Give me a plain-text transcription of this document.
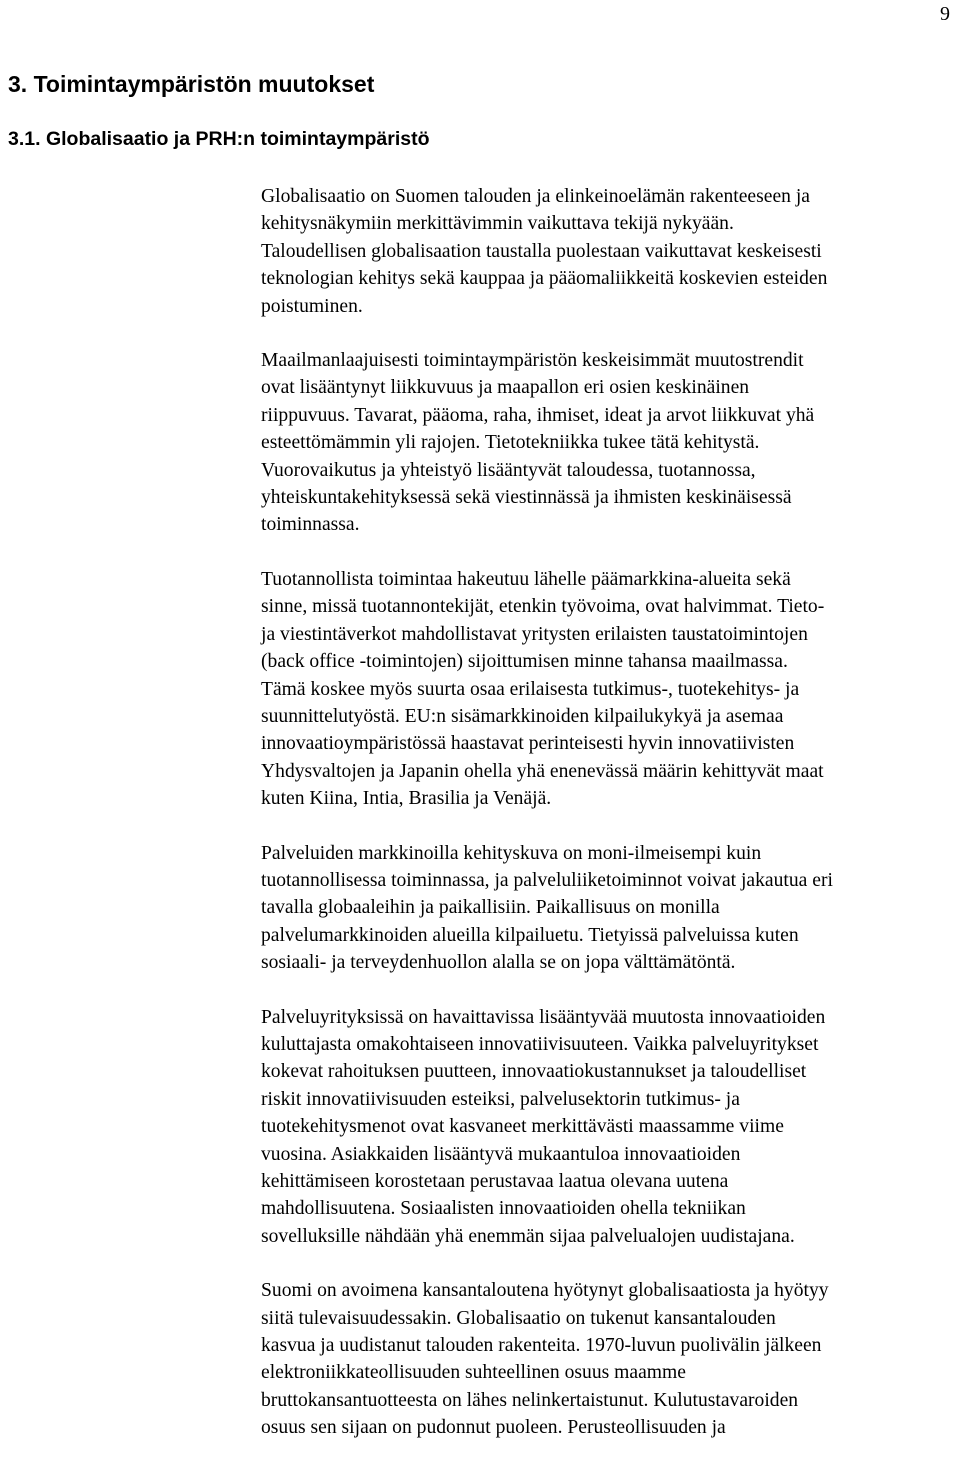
9
3. Toimintaympäristön muutokset
3.1. Globalisaatio ja PRH:n toimintaympäristö

Globalisaatio on Suomen talouden ja elinkeinoelämän rakenteeseen ja
kehitysnäkymiin merkittävimmin vaikuttava tekijä nykyään.
Taloudellisen globalisaation taustalla puolestaan vaikuttavat keskeisesti
teknologian kehitys sekä kauppaa ja pääomaliikkeitä koskevien esteiden
poistuminen.

Maailmanlaajuisesti toimintaympäristön keskeisimmät muutostrendit
ovat lisääntynyt liikkuvuus ja maapallon eri osien keskinäinen
riippuvuus. Tavarat, pääoma, raha, ihmiset, ideat ja arvot liikkuvat yhä
esteettömämmin yli rajojen. Tietotekniikka tukee tätä kehitystä.
Vuorovaikutus ja yhteistyö lisääntyvät taloudessa, tuotannossa,
yhteiskuntakehityksessä sekä viestinnässä ja ihmisten keskinäisessä
toiminnassa.

Tuotannollista toimintaa hakeutuu lähelle päämarkkina-alueita sekä
sinne, missä tuotannontekijät, etenkin työvoima, ovat halvimmat. Tieto-
ja viestintäverkot mahdollistavat yritysten erilaisten taustatoimintojen
(back office -toimintojen) sijoittumisen minne tahansa maailmassa.
Tämä koskee myös suurta osaa erilaisesta tutkimus-, tuotekehitys- ja
suunnittelutyöstä. EU:n sisämarkkinoiden kilpailukykyä ja asemaa
innovaatioympäristössä haastavat perinteisesti hyvin innovatiivisten
Yhdysvaltojen ja Japanin ohella yhä enenevässä määrin kehittyvät maat
kuten Kiina, Intia, Brasilia ja Venäjä.

Palveluiden markkinoilla kehityskuva on moni-ilmeisempi kuin
tuotannollisessa toiminnassa, ja palveluliiketoiminnot voivat jakautua eri
tavalla globaaleihin ja paikallisiin. Paikallisuus on monilla
palvelumarkkinoiden alueilla kilpailuetu. Tietyissä palveluissa kuten
sosiaali- ja terveydenhuollon alalla se on jopa välttämätöntä.

Palveluyrityksissä on havaittavissa lisääntyvää muutosta innovaatioiden
kuluttajasta omakohtaiseen innovatiivisuuteen. Vaikka palveluyritykset
kokevat rahoituksen puutteen, innovaatiokustannukset ja taloudelliset
riskit innovatiivisuuden esteiksi, palvelusektorin tutkimus- ja
tuotekehitysmenot ovat kasvaneet merkittävästi maassamme viime
vuosina. Asiakkaiden lisääntyvä mukaantuloa innovaatioiden
kehittämiseen korostetaan perustavaa laatua olevana uutena
mahdollisuutena. Sosiaalisten innovaatioiden ohella tekniikan
sovelluksille nähdään yhä enemmän sijaa palvelualojen uudistajana.

Suomi on avoimena kansantaloutena hyötynyt globalisaatiosta ja hyötyy
siitä tulevaisuudessakin. Globalisaatio on tukenut kansantalouden
kasvua ja uudistanut talouden rakenteita. 1970-luvun puolivälin jälkeen
elektroniikkateollisuuden suhteellinen osuus maamme
bruttokansantuotteesta on lähes nelinkertaistunut. Kulutustavaroiden
osuus sen sijaan on pudonnut puoleen. Perusteollisuuden ja
